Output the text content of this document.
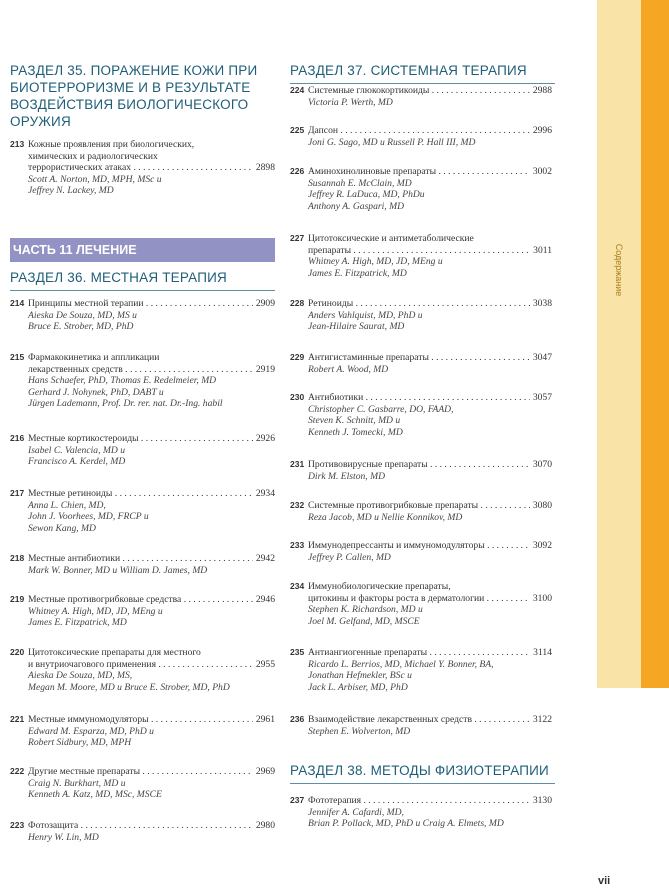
Содержание
РАЗДЕЛ 35. ПОРАЖЕНИЕ КОЖИ ПРИ
БИОТЕРРОРИЗМЕ И В РЕЗУЛЬТАТЕ
ВОЗДЕЙСТВИЯ БИОЛОГИЧЕСКОГО
ОРУЖИЯ
ЧАСТЬ 11 ЛЕЧЕНИЕ
РАЗДЕЛ 36. МЕСТНАЯ ТЕРАПИЯ
213 Кожные проявления при биологических,
химических и радиологических
террористических атаках . . .	2898
Scott A. Norton, MD, MPH, MSc и
Jeffrey N. Lackey, MD
214 Принципы местной терапии . . .	2909
Aieska De Souza, MD, MS и
Bruce E. Strober, MD, PhD
215 Фармакокинетика и аппликации
лекарственных средств . . .	2919
Hans Schaefer, PhD, Thomas E. Redelmeier, MD
Gerhard J. Nohynek, PhD, DABT и
Jürgen Lademann, Prof. Dr. rer. nat. Dr.-Ing. habil
216 Местные кортикостероиды . . .	2926
Isabel C. Valencia, MD и
Francisco A. Kerdel, MD
217 Местные ретиноиды . . .	2934
Anna L. Chien, MD,
John J. Voorhees, MD, FRCP и
Sewon Kang, MD
218 Местные антибиотики . . .	2942
Mark W. Bonner, MD и William D. James, MD
219 Местные противогрибковые средства . . .	2946
Whitney A. High, MD, JD, MEng и
James E. Fitzpatrick, MD
220 Цитотоксические препараты для местного
и внутриочагового применения . . .	2955
Aieska De Souza, MD, MS,
Megan M. Moore, MD и Bruce E. Strober, MD, PhD
221 Местные иммуномодуляторы . . .	2961
Edward M. Esparza, MD, PhD и
Robert Sidbury, MD, MPH
222 Другие местные препараты . . .	2969
Craig N. Burkhart, MD и
Kenneth A. Katz, MD, MSc, MSCE
223 Фотозащита . . .	2980
Henry W. Lin, MD
РАЗДЕЛ 37. СИСТЕМНАЯ ТЕРАПИЯ
РАЗДЕЛ 38. МЕТОДЫ ФИЗИОТЕРАПИИ
224 Системные глюкокортикоиды . . .	2988
Victoria P. Werth, MD
225 Дапсон . . .	2996
Joni G. Sago, MD и Russell P. Hall III, MD
226 Аминохинолиновые препараты . . .	3002
Susannah E. McClain, MD
Jeffrey R. LaDuca, MD, PhDu
Anthony A. Gaspari, MD
227 Цитотоксические и антиметаболические
препараты . . .	3011
Whitney A. High, MD, JD, MEng и
James E. Fitzpatrick, MD
228 Ретиноиды . . .	3038
Anders Vahlquist, MD, PhD и
Jean-Hilaire Saurat, MD
229 Антигистаминные препараты . . .	3047
Robert A. Wood, MD
230 Антибиотики . . .	3057
Christopher C. Gasbarre, DO, FAAD,
Steven K. Schnitt, MD и
Kenneth J. Tomecki, MD
231 Противовирусные препараты . . .	3070
Dirk M. Elston, MD
232 Системные противогрибковые препараты . . .	3080
Reza Jacob, MD и Nellie Konnikov, MD
233 Иммунодепрессанты и иммуномодуляторы . . .	3092
Jeffrey P. Callen, MD
234 Иммунобиологические препараты,
цитокины и факторы роста в дерматологии . . .	3100
Stephen K. Richardson, MD и
Joel M. Gelfand, MD, MSCE
235 Антиангиогенные препараты . . .	3114
Ricardo L. Berrios, MD, Michael Y. Bonner, BA,
Jonathan Hefmekler, BSc и
Jack L. Arbiser, MD, PhD
236 Взаимодействие лекарственных средств . . .	3122
Stephen E. Wolverton, MD
237 Фототерапия . . .	3130
Jennifer A. Cafardi, MD,
Brian P. Pollack, MD, PhD и Craig A. Elmets, MD
vii
